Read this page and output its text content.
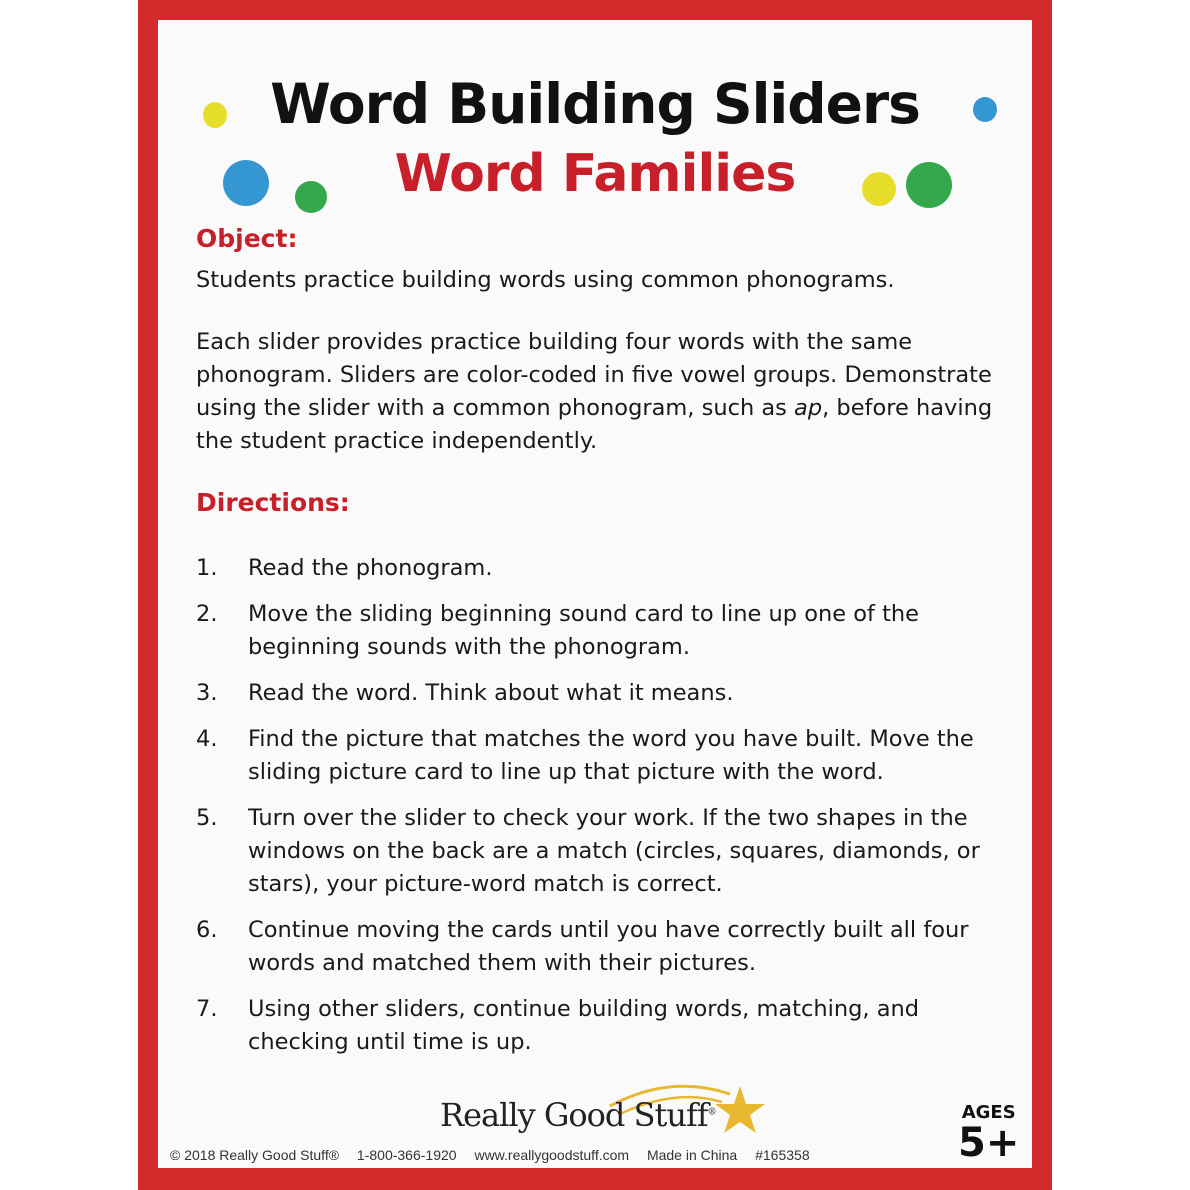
Word Building Sliders
Word Families
Object:

Students practice building words using common phonograms.

Each slider provides practice building four words with the same phonogram. Sliders are color-coded in five vowel groups. Demonstrate using the slider with a common phonogram, such as ap, before having the student practice independently.

Directions:
1.	Read the phonogram.
2.	Move the sliding beginning sound card to line up one of the beginning sounds with the phonogram.
3.	Read the word. Think about what it means.
4.	Find the picture that matches the word you have built. Move the sliding picture card to line up that picture with the word.
5.	Turn over the slider to check your work. If the two shapes in the windows on the back are a match (circles, squares, diamonds, or stars), your picture-word match is correct.
6.	Continue moving the cards until you have correctly built all four words and matched them with their pictures.
7.	Using other sliders, continue building words, matching, and checking until time is up.
Really Good Stuff®
© 2018 Really Good Stuff® 1-800-366-1920 www.reallygoodstuff.com Made in China #165358
AGES
5+
